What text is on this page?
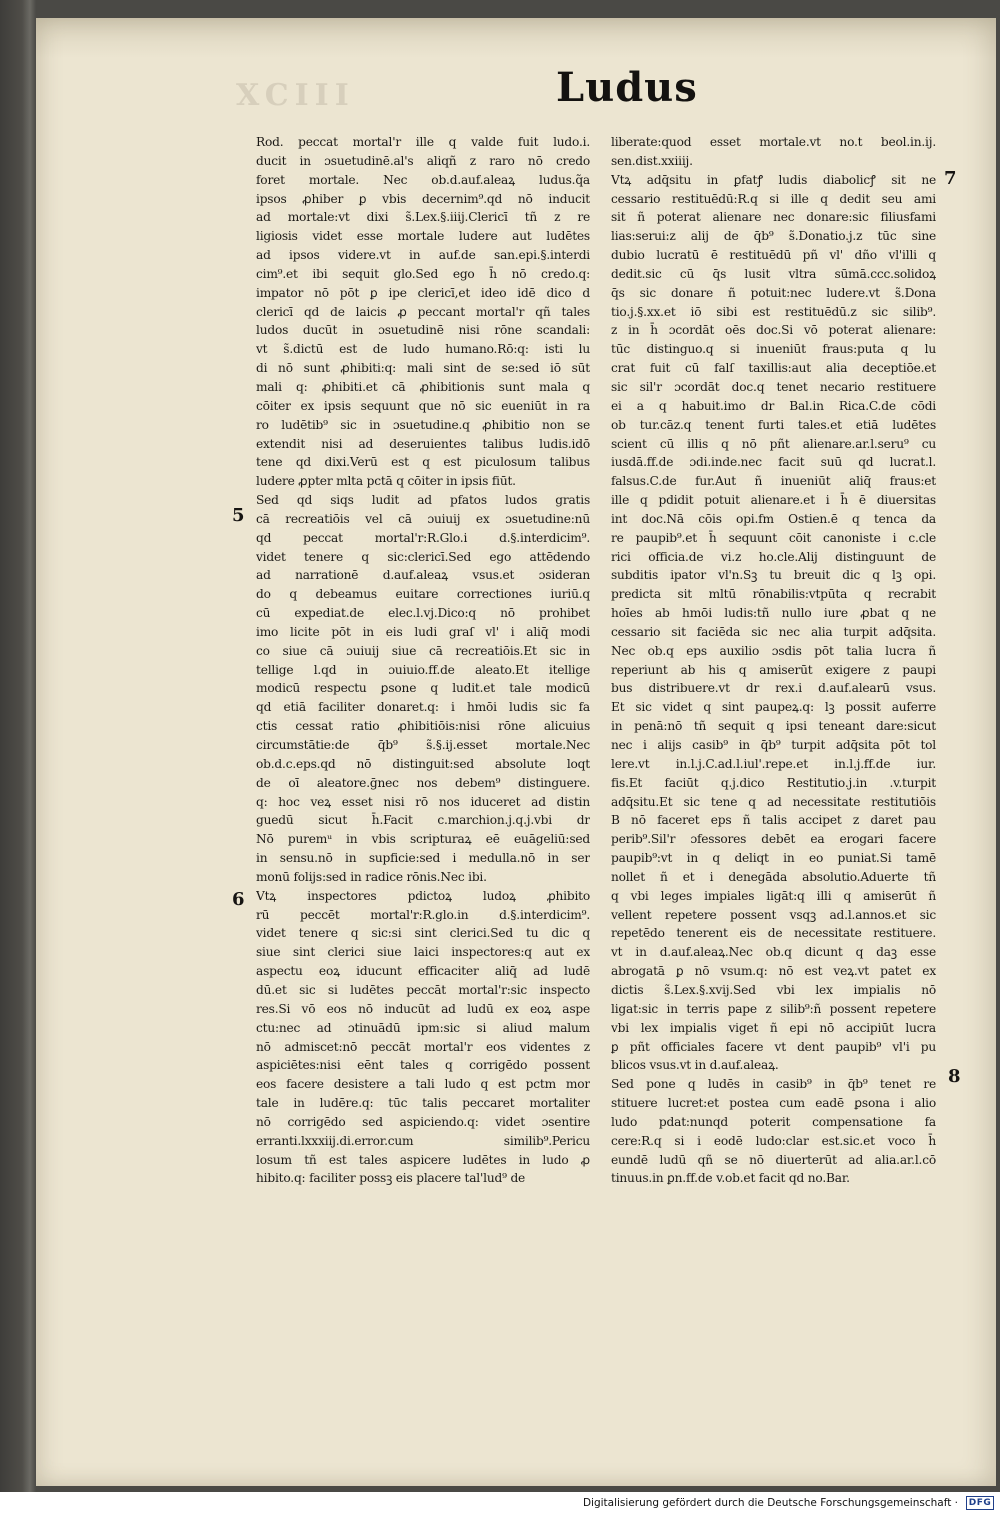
XCIII	Ludus
Rod. peccat mortal'r ille q valde fuit ludo.i.
ducit in ɔsuetudinē.al's aliqñ z raro nō credo
foret mortale. Nec ob.d.auf.aleaꝝ ludus.q̃a
ipsos ꝓhiber ꝑ vbis decernim⁹.qd nō inducit
ad mortale:vt dixi s̃.Lex.§.iiij.Clericī tñ z re
ligiosis videt esse mortale ludere aut ludētes
ad ipsos videre.vt in auf.de san.epi.§.interdi
cim⁹.et ibi sequit glo.Sed ego h̄ nō credo.q:
impator nō pōt ꝑ ipe clericī,et ideo idē dico d
clericī qd de laicis ꝓ peccant mortal'r qñ tales
ludos ducūt in ɔsuetudinē nisi rōne scandali:
vt s̃.dictū est de ludo humano.Rō:q: isti lu
di nō sunt ꝓhibiti:q: mali sint de se:sed iō sūt
mali q: ꝓhibiti.et cā ꝓhibitionis sunt mala q
cōiter ex ipsis sequunt que nō sic eueniūt in ra
ro ludētib⁹ sic in ɔsuetudine.q ꝓhibitio non se
extendit nisi ad deseruientes talibus ludis.idō
tene qd dixi.Verū est q est piculosum talibus
ludere ꝓpter mlta pctā q cōiter in ipsis fiūt.
Sed qd siqs ludit ad pfatos ludos gratis
cā recreatiōis vel cā ɔuiuij ex ɔsuetudine:nū
qd peccat mortal'r:R.Glo.i d.§.interdicim⁹.
videt tenere q sic:clericī.Sed ego attēdendo
ad narrationē d.auf.aleaꝝ vsus.et ɔsideran
do q debeamus euitare correctiones iuriū.q
cū expediat.de elec.l.vj.Dico:q nō prohibet
imo licite pōt in eis ludi graſ vl' i aliq̄ modi
co siue cā ɔuiuij siue cā recreatiōis.Et sic in
tellige l.qd in ɔuiuio.ff.de aleato.Et itellige
modicū respectu ꝑsone q ludit.et tale modicū
qd etiā faciliter donaret.q: i hmōi ludis sic fa
ctis cessat ratio ꝓhibitiōis:nisi rōne alicuius
circumstātie:de q̄b⁹ s̃.§.ij.esset mortale.Nec
ob.d.c.eps.qd nō distinguit:sed absolute loqt
de oī aleatore.ḡnec nos debem⁹ distinguere.
q: hoc veꝝ esset nisi rō nos iduceret ad distin
guedū sicut h̄.Facit c.marchion.j.q.j.vbi dr
Nō puremᵘ in vbis scripturaꝝ eē euāgeliū:sed
in sensu.nō in supficie:sed i medulla.nō in ser
monū folijs:sed in radice rōnis.Nec ibi.
Vtꝝ inspectores pdictoꝝ ludoꝝ ꝓhibito
rū peccēt mortal'r:R.glo.in d.§.interdicim⁹.
videt tenere q sic:si sint clerici.Sed tu dic q
siue sint clerici siue laici inspectores:q aut ex
aspectu eoꝝ iducunt efficaciter aliq̄ ad ludē
dū.et sic si ludētes peccāt mortal'r:sic inspecto
res.Si vō eos nō inducūt ad ludū ex eoꝝ aspe
ctu:nec ad ɔtinuādū ipm:sic si aliud malum
nō admiscet:nō peccāt mortal'r eos videntes z
aspiciētes:nisi eēnt tales q corrigēdo possent
eos facere desistere a tali ludo q est pctm mor
tale in ludēre.q: tūc talis peccaret mortaliter
nō corrigēdo sed aspiciendo.q: videt ɔsentire
erranti.lxxxiij.di.error.cum similib⁹.Pericu
losum tñ est tales aspicere ludētes in ludo ꝓ
hibito.q: faciliter possꝫ eis placere tal'lud⁹ de
liberate:quod esset mortale.vt no.t beol.in.ij.
sen.dist.xxiiij.
Vtꝝ adq̄situ in ꝑfatꝭ ludis diabolicꝭ sit ne
cessario restituēdū:R.q si ille q dedit seu ami
sit ñ poterat alienare nec donare:sic filiusfami
lias:serui:z alij de q̄b⁹ s̃.Donatio.j.z tūc sine
dubio lucratū ē restituēdū pñ vl' dño vl'illi q
dedit.sic cū q̄s lusit vltra sūmā.ccc.solidoꝝ
q̄s sic donare ñ potuit:nec ludere.vt s̃.Dona
tio.j.§.xx.et iō sibi est restituēdū.z sic silib⁹.
z in h̄ ɔcordāt oēs doc.Si vō poterat alienare:
tūc distinguo.q si inueniūt fraus:puta q lu
crat fuit cū falſ taxillis:aut alia deceptiōe.et
sic sil'r ɔcordāt doc.q tenet necario restituere
ei a q habuit.imo dr Bal.in Rica.C.de cōdi
ob tur.cāz.q tenent furti tales.et etiā ludētes
scient cū illis q nō pñt alienare.ar.l.seru⁹ cu
iusdā.ff.de ɔdi.inde.nec facit suū qd lucrat.l.
falsus.C.de fur.Aut ñ inueniūt aliq̄ fraus:et
ille q pdidit potuit alienare.et i h̄ ē diuersitas
int doc.Nā cōis opi.fm Ostien.ē q tenca da
re paupib⁹.et h̄ sequunt cōit canoniste i c.cle
rici officia.de vi.z ho.cle.Alij distinguunt de
subditis ipator vl'n.Sꝫ tu breuit dic q lꝫ opi.
predicta sit mltū rōnabilis:vtpūta q recrabit
hoīes ab hmōi ludis:tñ nullo iure ꝓbat q ne
cessario sit faciēda sic nec alia turpit adq̄sita.
Nec ob.q eps auxilio ɔsdis pōt talia lucra ñ
reperiunt ab his q amiserūt exigere z paupi
bus distribuere.vt dr rex.i d.auf.alearū vsus.
Et sic videt q sint paupeꝝ.q: lꝫ possit auferre
in penā:nō tñ sequit q ipsi teneant dare:sicut
nec i alijs casib⁹ in q̄b⁹ turpit adq̄sita pōt tol
lere.vt in.l.j.C.ad.l.iul'.repe.et in.l.j.ff.de iur.
fis.Et faciūt q.j.dico Restitutio.j.in .v.turpit
adq̄situ.Et sic tene q ad necessitate restitutiōis
B nō faceret eps ñ talis accipet z daret pau
perib⁹.Sil'r ɔfessores debēt ea erogari facere
paupib⁹:vt in q deliqt in eo puniat.Si tamē
nollet ñ et i denegāda absolutio.Aduerte tñ
q vbi leges impiales ligāt:q illi q amiserūt ñ
vellent repetere possent vsqꝫ ad.l.annos.et sic
repetēdo tenerent eis de necessitate restituere.
vt in d.auf.aleaꝝ.Nec ob.q dicunt q daꝫ esse
abrogatā ꝑ nō vsum.q: nō est veꝝ.vt patet ex
dictis s̃.Lex.§.xvij.Sed vbi lex impialis nō
ligat:sic in terris pape z silib⁹:ñ possent repetere
vbi lex impialis viget ñ epi nō accipiūt lucra
ꝑ pñt officiales facere vt dent paupib⁹ vl'i pu
blicos vsus.vt in d.auf.aleaꝝ.
Sed pone q ludēs in casib⁹ in q̄b⁹ tenet re
stituere lucret:et postea cum eadē ꝑsona i alio
ludo pdat:nunqd poterit compensatione fa
cere:R.q si i eodē ludo:clar est.sic.et voco h̄
eundē ludū qñ se nō diuerterūt ad alia.ar.l.cō
tinuus.in ꝑn.ff.de v.ob.et facit qd no.Bar.
5
6
7
8
Digitalisierung gefördert durch die Deutsche Forschungsgemeinschaft ·	DFG
